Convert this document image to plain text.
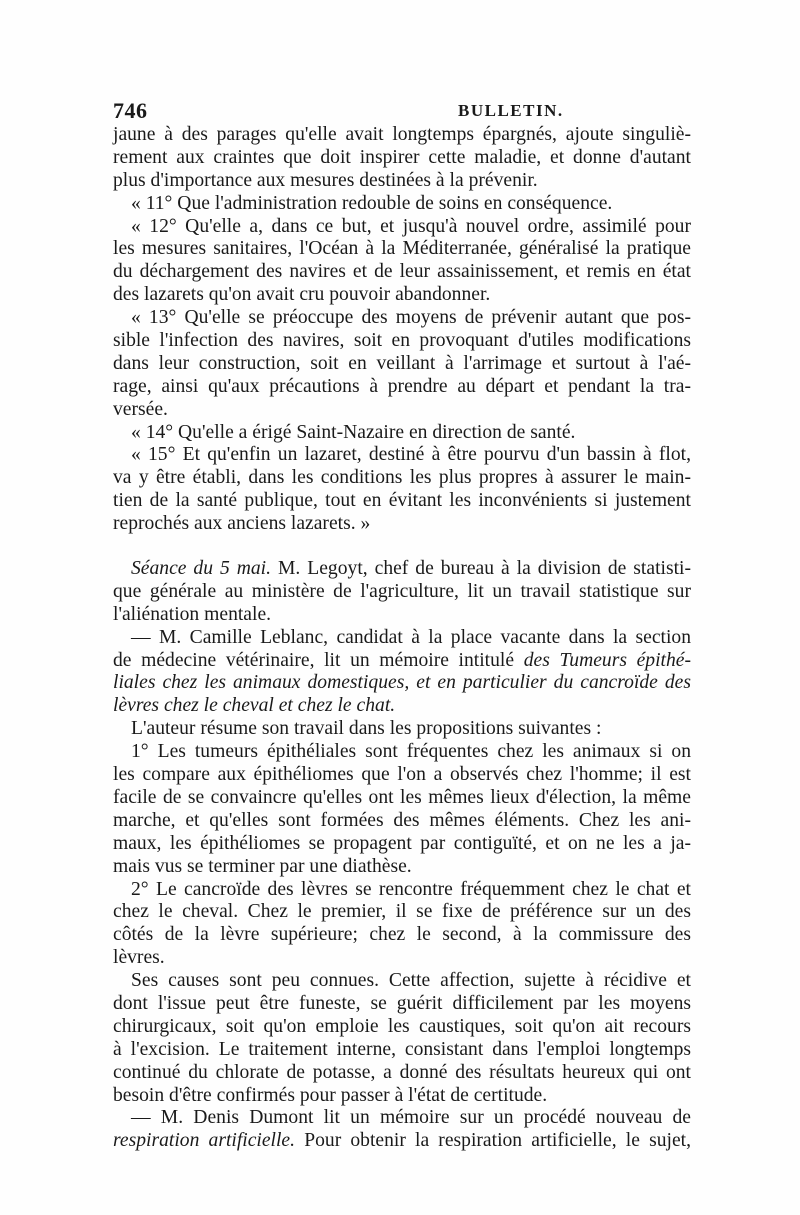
746	BULLETIN.
jaune à des parages qu'elle avait longtemps épargnés, ajoute singuliè-
rement aux craintes que doit inspirer cette maladie, et donne d'autant
plus d'importance aux mesures destinées à la prévenir.
« 11° Que l'administration redouble de soins en conséquence.
« 12° Qu'elle a, dans ce but, et jusqu'à nouvel ordre, assimilé pour
les mesures sanitaires, l'Océan à la Méditerranée, généralisé la pratique
du déchargement des navires et de leur assainissement, et remis en état
des lazarets qu'on avait cru pouvoir abandonner.
« 13° Qu'elle se préoccupe des moyens de prévenir autant que pos-
sible l'infection des navires, soit en provoquant d'utiles modifications
dans leur construction, soit en veillant à l'arrimage et surtout à l'aé-
rage, ainsi qu'aux précautions à prendre au départ et pendant la tra-
versée.
« 14° Qu'elle a érigé Saint-Nazaire en direction de santé.
« 15° Et qu'enfin un lazaret, destiné à être pourvu d'un bassin à flot,
va y être établi, dans les conditions les plus propres à assurer le main-
tien de la santé publique, tout en évitant les inconvénients si justement
reprochés aux anciens lazarets. »
Séance du 5 mai. M. Legoyt, chef de bureau à la division de statisti-
que générale au ministère de l'agriculture, lit un travail statistique sur
l'aliénation mentale.
— M. Camille Leblanc, candidat à la place vacante dans la section
de médecine vétérinaire, lit un mémoire intitulé des Tumeurs épithé-
liales chez les animaux domestiques, et en particulier du cancroïde des
lèvres chez le cheval et chez le chat.
L'auteur résume son travail dans les propositions suivantes :
1° Les tumeurs épithéliales sont fréquentes chez les animaux si on
les compare aux épithéliomes que l'on a observés chez l'homme; il est
facile de se convaincre qu'elles ont les mêmes lieux d'élection, la même
marche, et qu'elles sont formées des mêmes éléments. Chez les ani-
maux, les épithéliomes se propagent par contiguïté, et on ne les a ja-
mais vus se terminer par une diathèse.
2° Le cancroïde des lèvres se rencontre fréquemment chez le chat et
chez le cheval. Chez le premier, il se fixe de préférence sur un des
côtés de la lèvre supérieure; chez le second, à la commissure des
lèvres.
Ses causes sont peu connues. Cette affection, sujette à récidive et
dont l'issue peut être funeste, se guérit difficilement par les moyens
chirurgicaux, soit qu'on emploie les caustiques, soit qu'on ait recours
à l'excision. Le traitement interne, consistant dans l'emploi longtemps
continué du chlorate de potasse, a donné des résultats heureux qui ont
besoin d'être confirmés pour passer à l'état de certitude.
— M. Denis Dumont lit un mémoire sur un procédé nouveau de
respiration artificielle. Pour obtenir la respiration artificielle, le sujet,
